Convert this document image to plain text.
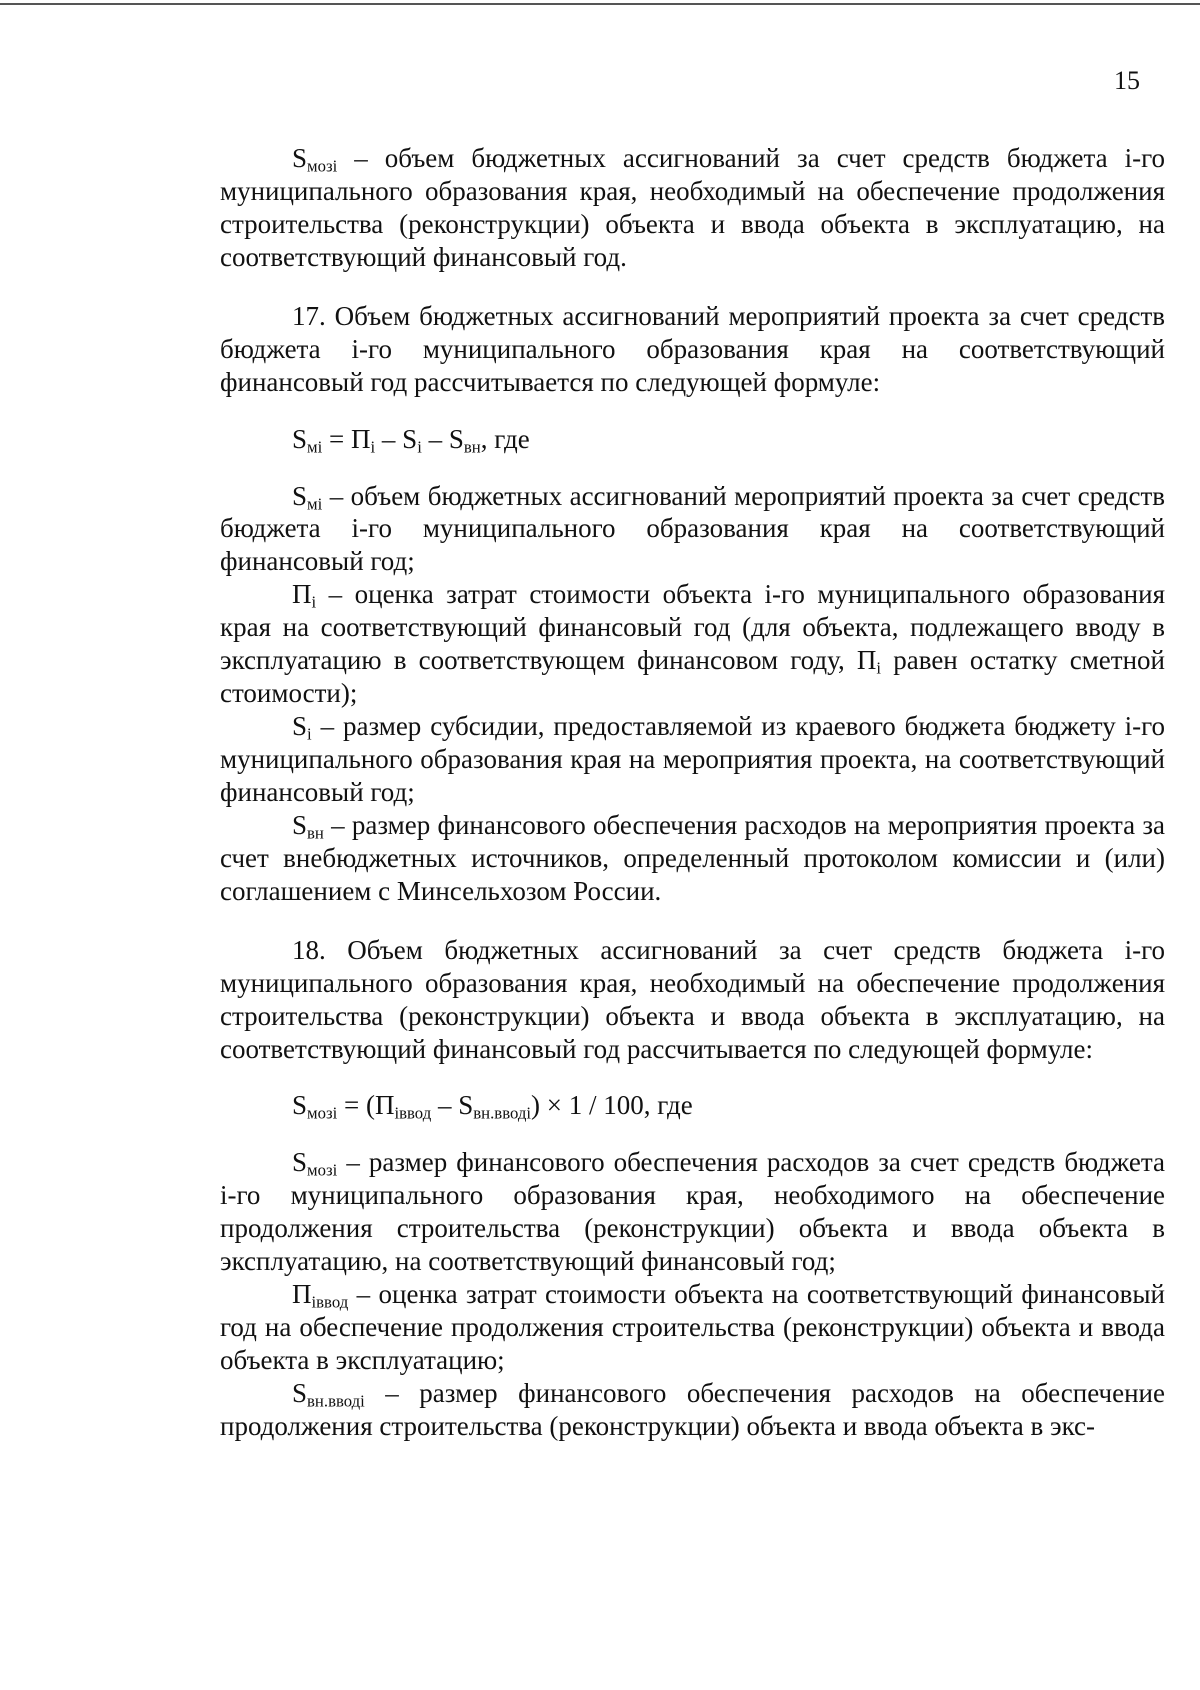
15

$S_{мозі}$ – объем бюджетных ассигнований за счет средств бюджета і-го муниципального образования края, необходимый на обеспечение продолжения строительства (реконструкции) объекта и ввода объекта в эксплуатацию, на соответствующий финансовый год.

17. Объем бюджетных ассигнований мероприятий проекта за счет средств бюджета і-го муниципального образования края на соответствующий финансовый год рассчитывается по следующей формуле:

$S_{мі} = П_і - S_і - S_{вн}$, где

$S_{мі}$ – объем бюджетных ассигнований мероприятий проекта за счет средств бюджета і-го муниципального образования края на соответствующий финансовый год;

$П_і$ – оценка затрат стоимости объекта і-го муниципального образования края на соответствующий финансовый год (для объекта, подлежащего вводу в эксплуатацию в соответствующем финансовом году, $П_і$ равен остатку сметной стоимости);

$S_і$ – размер субсидии, предоставляемой из краевого бюджета бюджету і-го муниципального образования края на мероприятия проекта, на соответствующий финансовый год;

$S_{вн}$ – размер финансового обеспечения расходов на мероприятия проекта за счет внебюджетных источников, определенный протоколом комиссии и (или) соглашением с Минсельхозом России.

18. Объем бюджетных ассигнований за счет средств бюджета і-го муниципального образования края, необходимый на обеспечение продолжения строительства (реконструкции) объекта и ввода объекта в эксплуатацию, на соответствующий финансовый год рассчитывается по следующей формуле:

$S_{мозі} = (П_{іввод} - S_{вн.вводі}) \times 1 / 100$, где

$S_{мозі}$ – размер финансового обеспечения расходов за счет средств бюджета і-го муниципального образования края, необходимого на обеспечение продолжения строительства (реконструкции) объекта и ввода объекта в эксплуатацию, на соответствующий финансовый год;

$П_{іввод}$ – оценка затрат стоимости объекта на соответствующий финансовый год на обеспечение продолжения строительства (реконструкции) объекта и ввода объекта в эксплуатацию;

$S_{вн.вводі}$ – размер финансового обеспечения расходов на обеспечение продолжения строительства (реконструкции) объекта и ввода объекта в экс-
